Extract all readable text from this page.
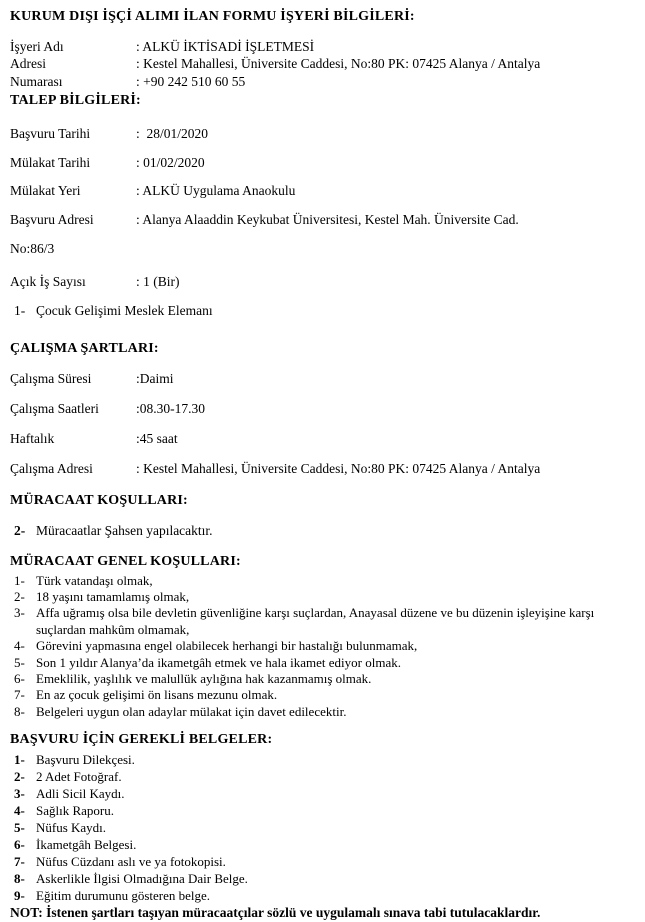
KURUM DIŞI İŞÇİ ALIMI İLAN FORMU İŞYERİ BİLGİLERİ:
İşyeri Adı	: ALKÜ İKTİSADİ İŞLETMESİ
Adresi	: Kestel Mahallesi, Üniversite Caddesi, No:80 PK: 07425 Alanya / Antalya
Numarası	: +90 242 510 60 55
TALEP BİLGİLERİ:
Başvuru Tarihi	:  28/01/2020
Mülakat Tarihi	: 01/02/2020
Mülakat Yeri	: ALKÜ Uygulama Anaokulu
Başvuru Adresi	: Alanya Alaaddin Keykubat Üniversitesi, Kestel Mah. Üniversite Cad.
No:86/3
Açık İş Sayısı	: 1 (Bir)
1- Çocuk Gelişimi Meslek Elemanı
ÇALIŞMA ŞARTLARI:
Çalışma Süresi	:Daimi
Çalışma Saatleri	:08.30-17.30
Haftalık	:45 saat
Çalışma Adresi	: Kestel Mahallesi, Üniversite Caddesi, No:80 PK: 07425 Alanya / Antalya
MÜRACAAT KOŞULLARI:
2- Müracaatlar Şahsen yapılacaktır.
MÜRACAAT GENEL KOŞULLARI:
1- Türk vatandaşı olmak,
2- 18 yaşını tamamlamış olmak,
3- Affa uğramış olsa bile devletin güvenliğine karşı suçlardan, Anayasal düzene ve bu düzenin işleyişine karşı suçlardan mahkûm olmamak,
4- Görevini yapmasına engel olabilecek herhangi bir hastalığı bulunmamak,
5- Son 1 yıldır Alanya’da ikametgâh etmek ve hala ikamet ediyor olmak.
6- Emeklilik, yaşlılık ve malullük aylığına hak kazanmamış olmak.
7- En az çocuk gelişimi ön lisans mezunu olmak.
8- Belgeleri uygun olan adaylar mülakat için davet edilecektir.
BAŞVURU İÇİN GEREKLİ BELGELER:
1- Başvuru Dilekçesi.
2- 2 Adet Fotoğraf.
3- Adli Sicil Kaydı.
4- Sağlık Raporu.
5- Nüfus Kaydı.
6- İkametgâh Belgesi.
7- Nüfus Cüzdanı aslı ve ya fotokopisi.
8- Askerlikle İlgisi Olmadığına Dair Belge.
9- Eğitim durumunu gösteren belge.
NOT: İstenen şartları taşıyan müracaatçılar sözlü ve uygulamalı sınava tabi tutulacaklardır.
